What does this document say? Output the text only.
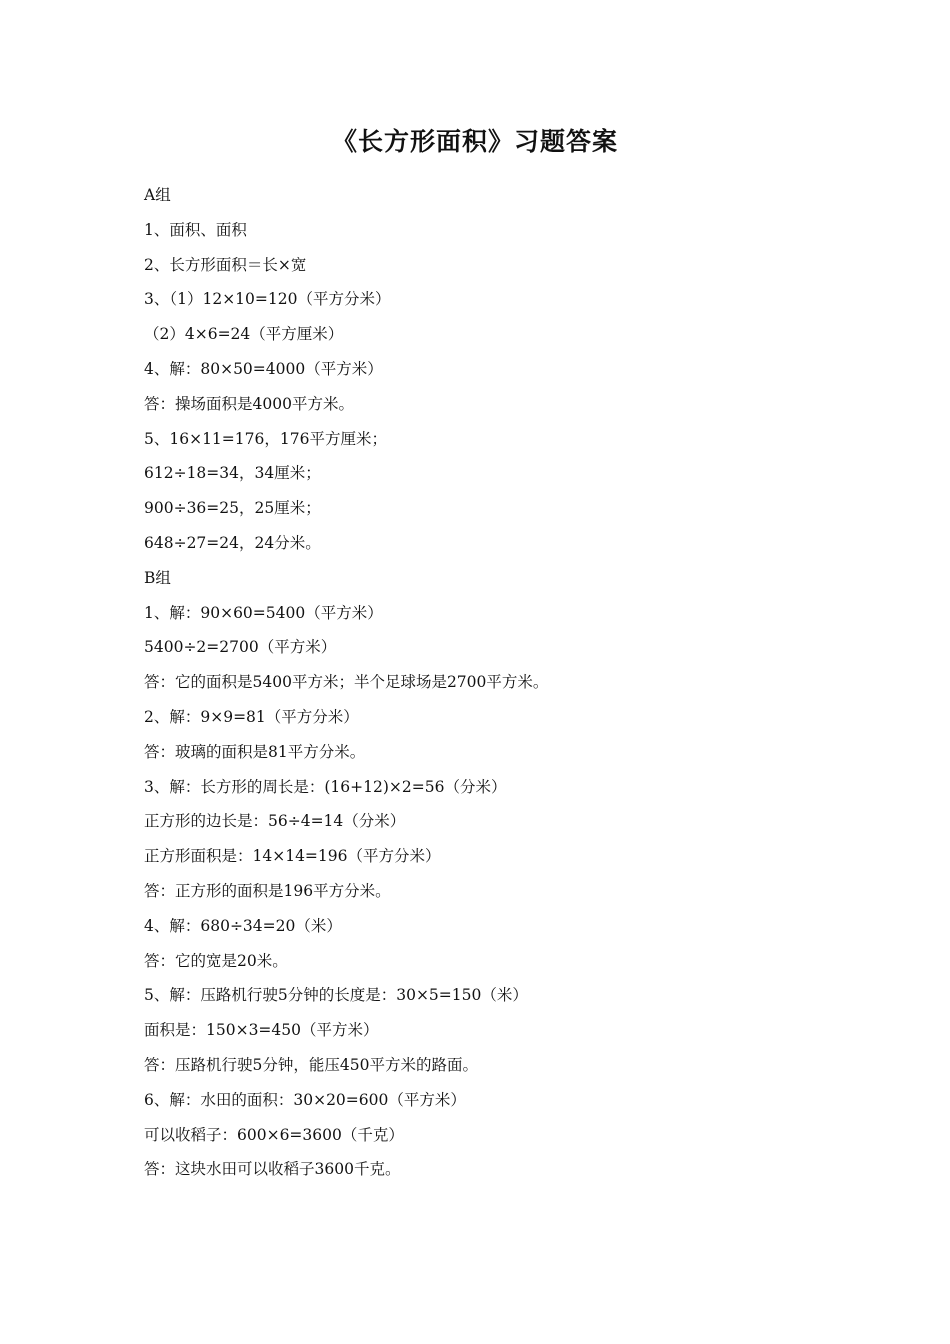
《长方形面积》习题答案
A组
1、面积、面积
2、长方形面积＝长×宽
3、（1）12×10=120（平方分米）
（2）4×6=24（平方厘米）
4、解：80×50=4000（平方米）
答：操场面积是4000平方米。
5、16×11=176，176平方厘米；
612÷18=34，34厘米；
900÷36=25，25厘米；
648÷27=24，24分米。
B组
1、解：90×60=5400（平方米）
5400÷2=2700（平方米）
答：它的面积是5400平方米；半个足球场是2700平方米。
2、解：9×9=81（平方分米）
答：玻璃的面积是81平方分米。
3、解：长方形的周长是：(16+12)×2=56（分米）
正方形的边长是：56÷4=14（分米）
正方形面积是：14×14=196（平方分米）
答：正方形的面积是196平方分米。
4、解：680÷34=20（米）
答：它的宽是20米。
5、解：压路机行驶5分钟的长度是：30×5=150（米）
面积是：150×3=450（平方米）
答：压路机行驶5分钟，能压450平方米的路面。
6、解：水田的面积：30×20=600（平方米）
可以收稻子：600×6=3600（千克）
答：这块水田可以收稻子3600千克。
